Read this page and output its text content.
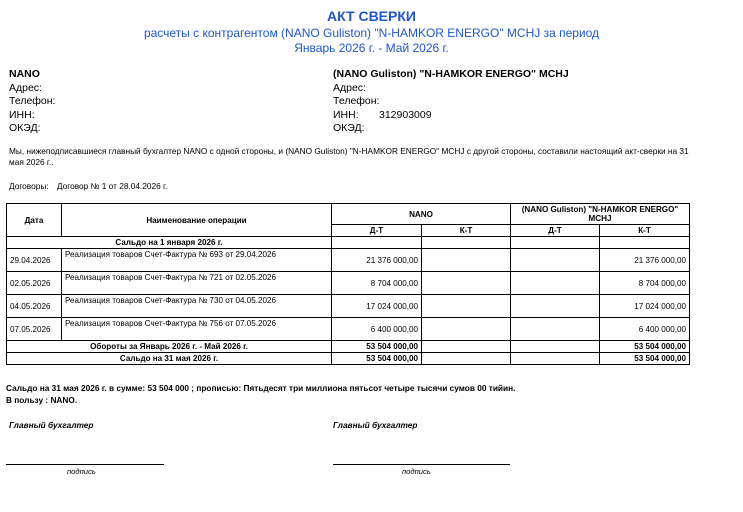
АКТ СВЕРКИ
расчеты с контрагентом (NANO Guliston) "N-HAMKOR ENERGO" MCHJ за период
Январь 2026 г. - Май 2026 г.
NANO
Адрес:
Телефон:
ИНН:
ОКЭД:
(NANO Guliston) "N-HAMKOR ENERGO" MCHJ
Адрес:
Телефон:
ИНН:	312903009
ОКЭД:
Мы, нижеподписавшиеся главный бухгалтер NANO с одной стороны, и (NANO Guliston) "N-HAMKOR ENERGO" MCHJ с другой стороны, составили настоящий акт-сверки на 31 мая 2026 г..
Договоры: Договор № 1 от 28.04.2026 г.
Дата	Наименование операции	NANO		(NANO Guliston) "N-HAMKOR ENERGO" MCHJ	
		Д-Т	К-Т	Д-Т	К-Т
Сальдо на 1 января 2026 г.					
29.04.2026	Реализация товаров Счет-Фактура № 693 от 29.04.2026	21 376 000,00			21 376 000,00
02.05.2026	Реализация товаров Счет-Фактура № 721 от 02.05.2026	8 704 000,00			8 704 000,00
04.05.2026	Реализация товаров Счет-Фактура № 730 от 04.05.2026	17 024 000,00			17 024 000,00
07.05.2026	Реализация товаров Счет-Фактура № 756 от 07.05.2026	6 400 000,00			6 400 000,00
Обороты за Январь 2026 г. - Май 2026 г.		53 504 000,00			53 504 000,00
Сальдо на 31 мая 2026 г.		53 504 000,00			53 504 000,00
Сальдо на 31 мая 2026 г. в сумме: 53 504 000 ; прописью: Пятьдесят три миллиона пятьсот четыре тысячи сумов 00 тийин.
В пользу : NANO.
Главный бухгалтер	Главный бухгалтер
подпись	подпись
